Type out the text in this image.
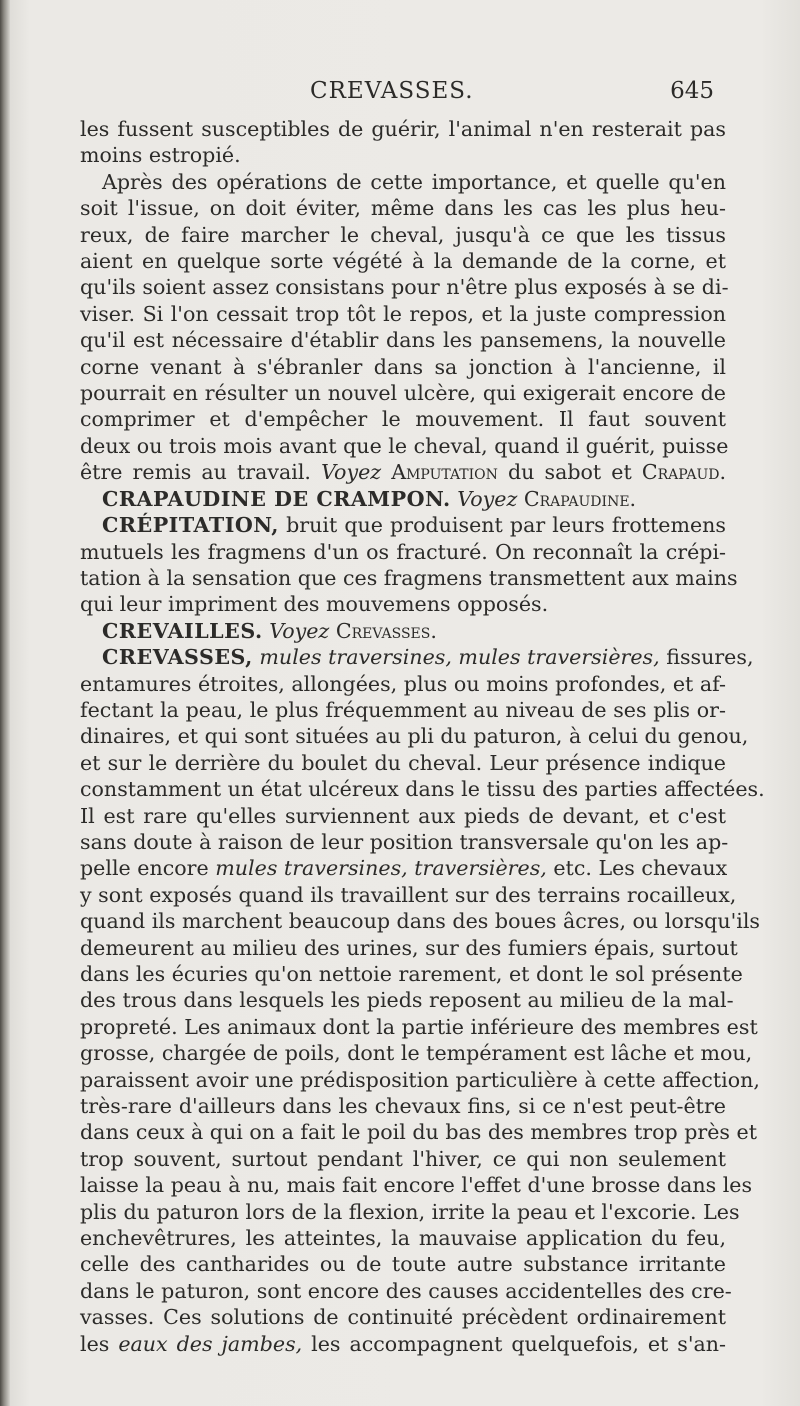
CREVASSES.	645
les fussent susceptibles de guérir, l'animal n'en resterait pas
moins estropié.
Après des opérations de cette importance, et quelle qu'en
soit l'issue, on doit éviter, même dans les cas les plus heu-
reux, de faire marcher le cheval, jusqu'à ce que les tissus
aient en quelque sorte végété à la demande de la corne, et
qu'ils soient assez consistans pour n'être plus exposés à se di-
viser. Si l'on cessait trop tôt le repos, et la juste compression
qu'il est nécessaire d'établir dans les pansemens, la nouvelle
corne venant à s'ébranler dans sa jonction à l'ancienne, il
pourrait en résulter un nouvel ulcère, qui exigerait encore de
comprimer et d'empêcher le mouvement. Il faut souvent
deux ou trois mois avant que le cheval, quand il guérit, puisse
être remis au travail. Voyez Amputation du sabot et Crapaud.
CRAPAUDINE DE CRAMPON. Voyez Crapaudine.
CRÉPITATION, bruit que produisent par leurs frottemens
mutuels les fragmens d'un os fracturé. On reconnaît la crépi-
tation à la sensation que ces fragmens transmettent aux mains
qui leur impriment des mouvemens opposés.
CREVAILLES. Voyez Crevasses.
CREVASSES, mules traversines, mules traversières, fissures,
entamures étroites, allongées, plus ou moins profondes, et af-
fectant la peau, le plus fréquemment au niveau de ses plis or-
dinaires, et qui sont situées au pli du paturon, à celui du genou,
et sur le derrière du boulet du cheval. Leur présence indique
constamment un état ulcéreux dans le tissu des parties affectées.
Il est rare qu'elles surviennent aux pieds de devant, et c'est
sans doute à raison de leur position transversale qu'on les ap-
pelle encore mules traversines, traversières, etc. Les chevaux
y sont exposés quand ils travaillent sur des terrains rocailleux,
quand ils marchent beaucoup dans des boues âcres, ou lorsqu'ils
demeurent au milieu des urines, sur des fumiers épais, surtout
dans les écuries qu'on nettoie rarement, et dont le sol présente
des trous dans lesquels les pieds reposent au milieu de la mal-
propreté. Les animaux dont la partie inférieure des membres est
grosse, chargée de poils, dont le tempérament est lâche et mou,
paraissent avoir une prédisposition particulière à cette affection,
très-rare d'ailleurs dans les chevaux fins, si ce n'est peut-être
dans ceux à qui on a fait le poil du bas des membres trop près et
trop souvent, surtout pendant l'hiver, ce qui non seulement
laisse la peau à nu, mais fait encore l'effet d'une brosse dans les
plis du paturon lors de la flexion, irrite la peau et l'excorie. Les
enchevêtrures, les atteintes, la mauvaise application du feu,
celle des cantharides ou de toute autre substance irritante
dans le paturon, sont encore des causes accidentelles des cre-
vasses. Ces solutions de continuité précèdent ordinairement
les eaux des jambes, les accompagnent quelquefois, et s'an-
